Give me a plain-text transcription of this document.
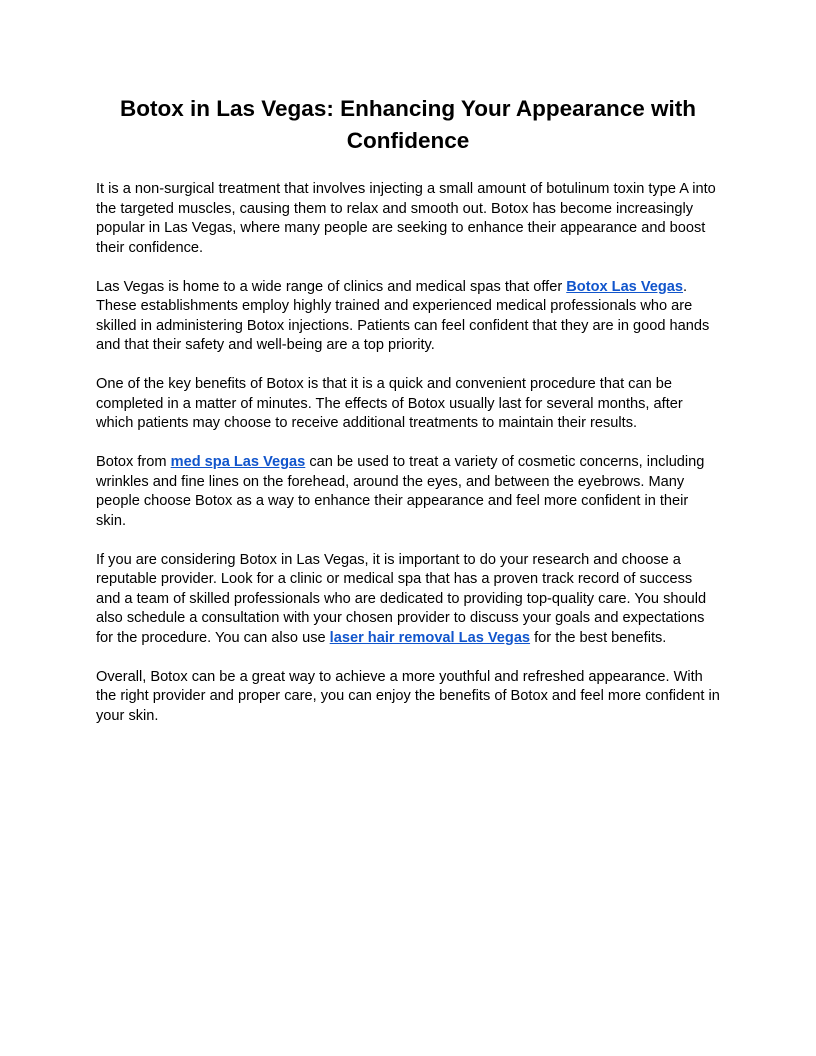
Botox in Las Vegas: Enhancing Your Appearance with Confidence

It is a non-surgical treatment that involves injecting a small amount of botulinum toxin type A into the targeted muscles, causing them to relax and smooth out. Botox has become increasingly popular in Las Vegas, where many people are seeking to enhance their appearance and boost their confidence.

Las Vegas is home to a wide range of clinics and medical spas that offer Botox Las Vegas. These establishments employ highly trained and experienced medical professionals who are skilled in administering Botox injections. Patients can feel confident that they are in good hands and that their safety and well-being are a top priority.

One of the key benefits of Botox is that it is a quick and convenient procedure that can be completed in a matter of minutes. The effects of Botox usually last for several months, after which patients may choose to receive additional treatments to maintain their results.

Botox from med spa Las Vegas can be used to treat a variety of cosmetic concerns, including wrinkles and fine lines on the forehead, around the eyes, and between the eyebrows. Many people choose Botox as a way to enhance their appearance and feel more confident in their skin.

If you are considering Botox in Las Vegas, it is important to do your research and choose a reputable provider. Look for a clinic or medical spa that has a proven track record of success and a team of skilled professionals who are dedicated to providing top-quality care. You should also schedule a consultation with your chosen provider to discuss your goals and expectations for the procedure. You can also use laser hair removal Las Vegas for the best benefits.

Overall, Botox can be a great way to achieve a more youthful and refreshed appearance. With the right provider and proper care, you can enjoy the benefits of Botox and feel more confident in your skin.
